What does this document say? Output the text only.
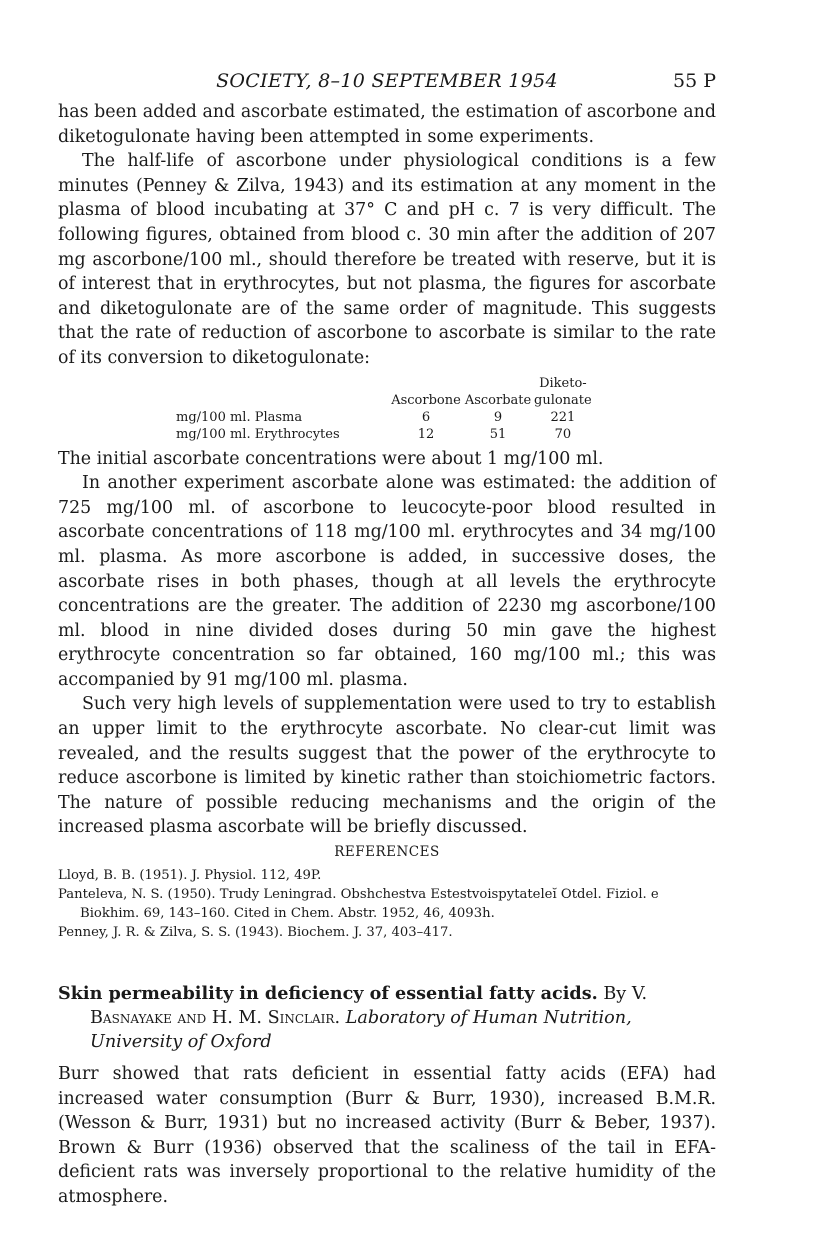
SOCIETY, 8–10 SEPTEMBER 1954	55 P

has been added and ascorbate estimated, the estimation of ascorbone and diketogulonate having been attempted in some experiments.

The half-life of ascorbone under physiological conditions is a few minutes (Penney & Zilva, 1943) and its estimation at any moment in the plasma of blood incubating at 37° C and pH c. 7 is very difficult. The following figures, obtained from blood c. 30 min after the addition of 207 mg ascorbone/100 ml., should therefore be treated with reserve, but it is of interest that in erythrocytes, but not plasma, the figures for ascorbate and diketogulonate are of the same order of magnitude. This suggests that the rate of reduction of ascorbone to ascorbate is similar to the rate of its conversion to diketogulonate:

			Diketo-
	Ascorbone	Ascorbate	gulonate
mg/100 ml. Plasma	6	9	221
mg/100 ml. Erythrocytes	12	51	70

The initial ascorbate concentrations were about 1 mg/100 ml.

In another experiment ascorbate alone was estimated: the addition of 725 mg/100 ml. of ascorbone to leucocyte-poor blood resulted in ascorbate concentrations of 118 mg/100 ml. erythrocytes and 34 mg/100 ml. plasma. As more ascorbone is added, in successive doses, the ascorbate rises in both phases, though at all levels the erythrocyte concentrations are the greater. The addition of 2230 mg ascorbone/100 ml. blood in nine divided doses during 50 min gave the highest erythrocyte concentration so far obtained, 160 mg/100 ml.; this was accompanied by 91 mg/100 ml. plasma.

Such very high levels of supplementation were used to try to establish an upper limit to the erythrocyte ascorbate. No clear-cut limit was revealed, and the results suggest that the power of the erythrocyte to reduce ascorbone is limited by kinetic rather than stoichiometric factors. The nature of possible reducing mechanisms and the origin of the increased plasma ascorbate will be briefly discussed.

REFERENCES

Lloyd, B. B. (1951). J. Physiol. 112, 49P.

Panteleva, N. S. (1950). Trudy Leningrad. Obshchestva Estestvoispytateleĭ Otdel. Fiziol. e Biokhim. 69, 143–160. Cited in Chem. Abstr. 1952, 46, 4093h.

Penney, J. R. & Zilva, S. S. (1943). Biochem. J. 37, 403–417.

Skin permeability in deficiency of essential fatty acids. By V. Basnayake and H. M. Sinclair. Laboratory of Human Nutrition, University of Oxford

Burr showed that rats deficient in essential fatty acids (EFA) had increased water consumption (Burr & Burr, 1930), increased B.M.R. (Wesson & Burr, 1931) but no increased activity (Burr & Beber, 1937). Brown & Burr (1936) observed that the scaliness of the tail in EFA-deficient rats was inversely proportional to the relative humidity of the atmosphere.
